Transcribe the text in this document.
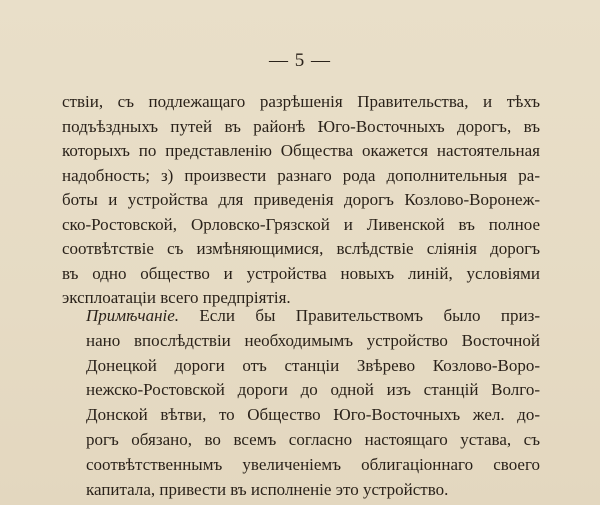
— 5 —
ствіи, съ подлежащаго разрѣшенія Правительства, и тѣхъ
подъѣздныхъ путей въ районѣ Юго-Восточныхъ дорогъ, въ
которыхъ по представленію Общества окажется настоятельная
надобность; з) произвести разнаго рода дополнительныя ра-
боты и устройства для приведенія дорогъ Козлово-Воронеж-
ско-Ростовской, Орловско-Грязской и Ливенской въ полное
соотвѣтствіе съ измѣняющимися, вслѣдствіе слiянiя дорогъ
въ одно общество и устройства новыхъ линій, условіями
эксплоатаціи всего предпріятія.
Примѣчаніе. Если бы Правительствомъ было приз-
нано впослѣдствіи необходимымъ устройство Восточной
Донецкой дороги отъ станціи Звѣрево Козлово-Воро-
нежско-Ростовской дороги до одной изъ станцій Волго-
Донской вѣтви, то Общество Юго-Восточныхъ жел. до-
рогъ обязано, во всемъ согласно настоящаго устава, съ
соотвѣтственнымъ увеличеніемъ облигаціоннаго своего
капитала, привести въ исполненіе это устройство.
